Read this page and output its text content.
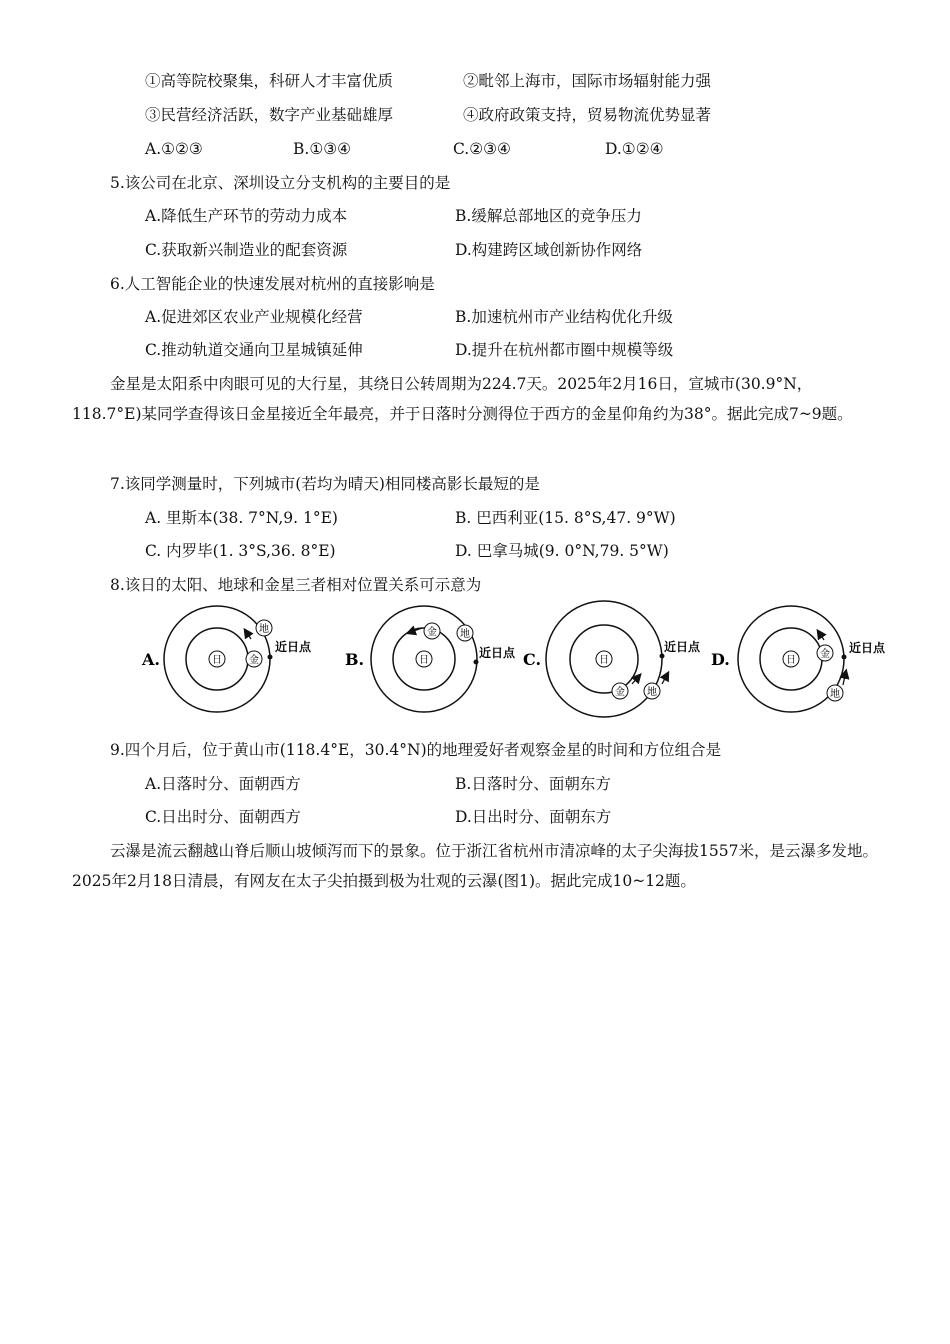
①高等院校聚集，科研人才丰富优质	②毗邻上海市，国际市场辐射能力强
③民营经济活跃，数字产业基础雄厚	④政府政策支持，贸易物流优势显著
A.①②③	B.①③④	C.②③④	D.①②④
5.该公司在北京、深圳设立分支机构的主要目的是
A.降低生产环节的劳动力成本	B.缓解总部地区的竞争压力
C.获取新兴制造业的配套资源	D.构建跨区域创新协作网络
6.人工智能企业的快速发展对杭州的直接影响是
A.促进郊区农业产业规模化经营	B.加速杭州市产业结构优化升级
C.推动轨道交通向卫星城镇延伸	D.提升在杭州都市圈中规模等级
金星是太阳系中肉眼可见的大行星，其绕日公转周期为224.7天。2025年2月16日，宣城市(30.9°N，118.7°E)某同学查得该日金星接近全年最亮，并于日落时分测得位于西方的金星仰角约为38°。据此完成7~9题。
7.该同学测量时，下列城市(若均为晴天)相同楼高影长最短的是
A. 里斯本(38. 7°N,9. 1°E)	B. 巴西利亚(15. 8°S,47. 9°W)
C. 内罗毕(1. 3°S,36. 8°E)	D. 巴拿马城(9. 0°N,79. 5°W)
8.该日的太阳、地球和金星三者相对位置关系可示意为
A.	日	金
地
近日点
B.	日
金 地
近日点 C.	日
金 地
近日点
D.	日
金
地
近日点
9.四个月后，位于黄山市(118.4°E，30.4°N)的地理爱好者观察金星的时间和方位组合是
A.日落时分、面朝西方	B.日落时分、面朝东方
C.日出时分、面朝西方	D.日出时分、面朝东方
云瀑是流云翻越山脊后顺山坡倾泻而下的景象。位于浙江省杭州市清凉峰的太子尖海拔1557米，是云瀑多发地。2025年2月18日清晨，有网友在太子尖拍摄到极为壮观的云瀑(图1)。据此完成10~12题。
